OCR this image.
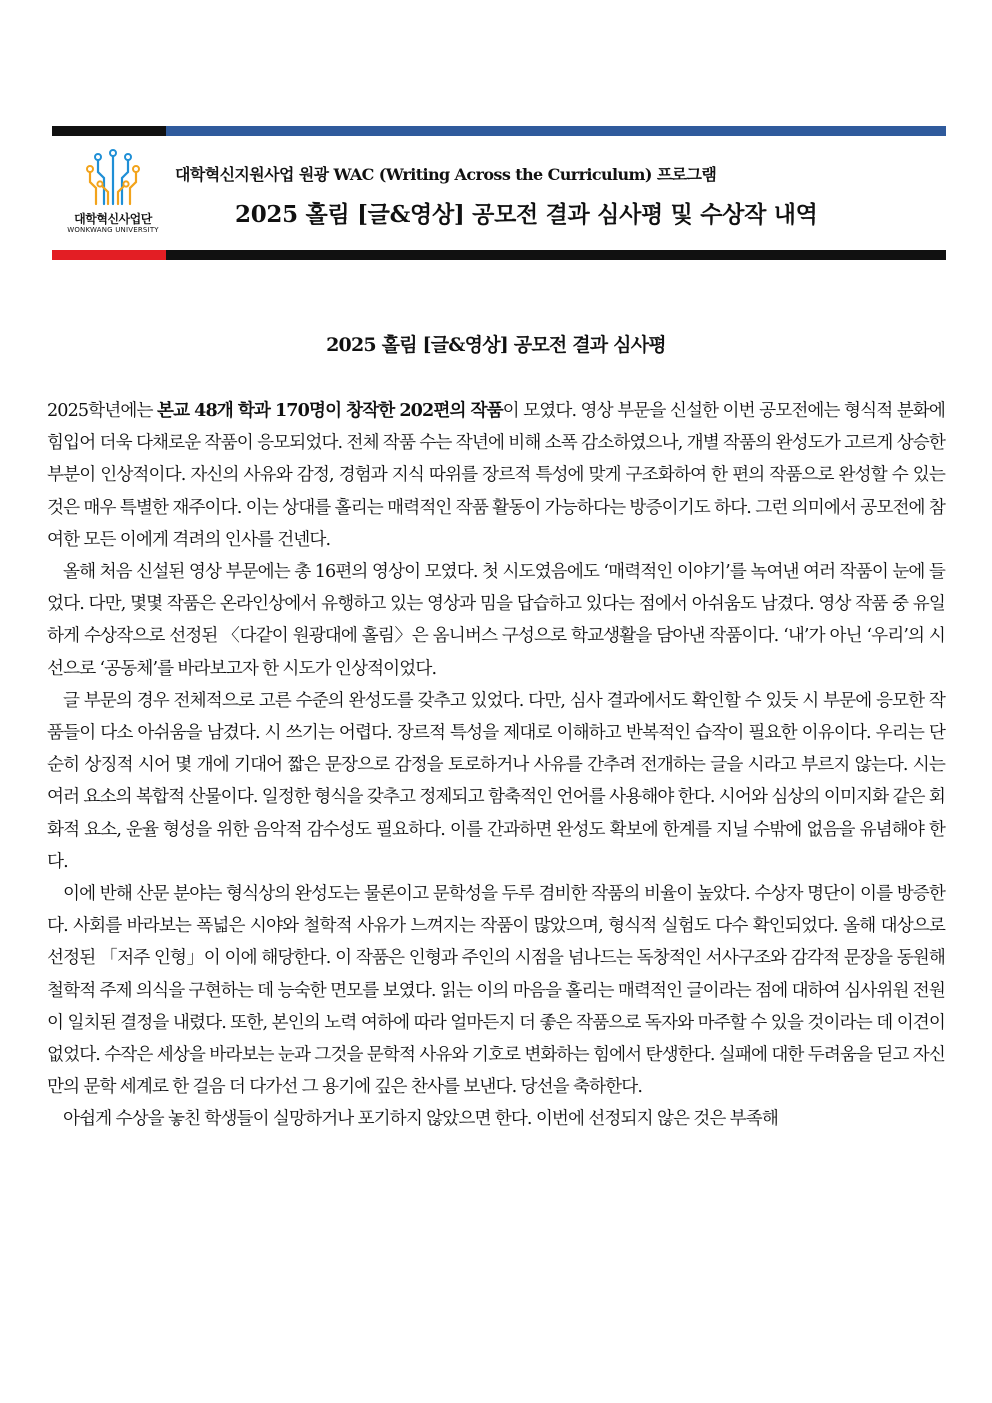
대학혁신사업단
WONKWANG UNIVERSITY
대학혁신지원사업 원광 WAC (Writing Across the Curriculum) 프로그램
2025 홀림 [글&영상] 공모전 결과 심사평 및 수상작 내역
2025 홀림 [글&영상] 공모전 결과 심사평

2025학년에는 본교 48개 학과 170명이 창작한 202편의 작품이 모였다. 영상 부문을 신설한 이번 공모전에는 형식적 분화에 힘입어 더욱 다채로운 작품이 응모되었다. 전체 작품 수는 작년에 비해 소폭 감소하였으나, 개별 작품의 완성도가 고르게 상승한 부분이 인상적이다. 자신의 사유와 감정, 경험과 지식 따위를 장르적 특성에 맞게 구조화하여 한 편의 작품으로 완성할 수 있는 것은 매우 특별한 재주이다. 이는 상대를 홀리는 매력적인 작품 활동이 가능하다는 방증이기도 하다. 그런 의미에서 공모전에 참여한 모든 이에게 격려의 인사를 건넨다.

올해 처음 신설된 영상 부문에는 총 16편의 영상이 모였다. 첫 시도였음에도 ‘매력적인 이야기’를 녹여낸 여러 작품이 눈에 들었다. 다만, 몇몇 작품은 온라인상에서 유행하고 있는 영상과 밈을 답습하고 있다는 점에서 아쉬움도 남겼다. 영상 작품 중 유일하게 수상작으로 선정된 〈다같이 원광대에 홀림〉은 옴니버스 구성으로 학교생활을 담아낸 작품이다. ‘내’가 아닌 ‘우리’의 시선으로 ‘공동체’를 바라보고자 한 시도가 인상적이었다.

글 부문의 경우 전체적으로 고른 수준의 완성도를 갖추고 있었다. 다만, 심사 결과에서도 확인할 수 있듯 시 부문에 응모한 작품들이 다소 아쉬움을 남겼다. 시 쓰기는 어렵다. 장르적 특성을 제대로 이해하고 반복적인 습작이 필요한 이유이다. 우리는 단순히 상징적 시어 몇 개에 기대어 짧은 문장으로 감정을 토로하거나 사유를 간추려 전개하는 글을 시라고 부르지 않는다. 시는 여러 요소의 복합적 산물이다. 일정한 형식을 갖추고 정제되고 함축적인 언어를 사용해야 한다. 시어와 심상의 이미지화 같은 회화적 요소, 운율 형성을 위한 음악적 감수성도 필요하다. 이를 간과하면 완성도 확보에 한계를 지닐 수밖에 없음을 유념해야 한다.

이에 반해 산문 분야는 형식상의 완성도는 물론이고 문학성을 두루 겸비한 작품의 비율이 높았다. 수상자 명단이 이를 방증한다. 사회를 바라보는 폭넓은 시야와 철학적 사유가 느껴지는 작품이 많았으며, 형식적 실험도 다수 확인되었다. 올해 대상으로 선정된 「저주 인형」이 이에 해당한다. 이 작품은 인형과 주인의 시점을 넘나드는 독창적인 서사구조와 감각적 문장을 동원해 철학적 주제 의식을 구현하는 데 능숙한 면모를 보였다. 읽는 이의 마음을 홀리는 매력적인 글이라는 점에 대하여 심사위원 전원이 일치된 결정을 내렸다. 또한, 본인의 노력 여하에 따라 얼마든지 더 좋은 작품으로 독자와 마주할 수 있을 것이라는 데 이견이 없었다. 수작은 세상을 바라보는 눈과 그것을 문학적 사유와 기호로 변화하는 힘에서 탄생한다. 실패에 대한 두려움을 딛고 자신만의 문학 세계로 한 걸음 더 다가선 그 용기에 깊은 찬사를 보낸다. 당선을 축하한다.

아쉽게 수상을 놓친 학생들이 실망하거나 포기하지 않았으면 한다. 이번에 선정되지 않은 것은 부족해
